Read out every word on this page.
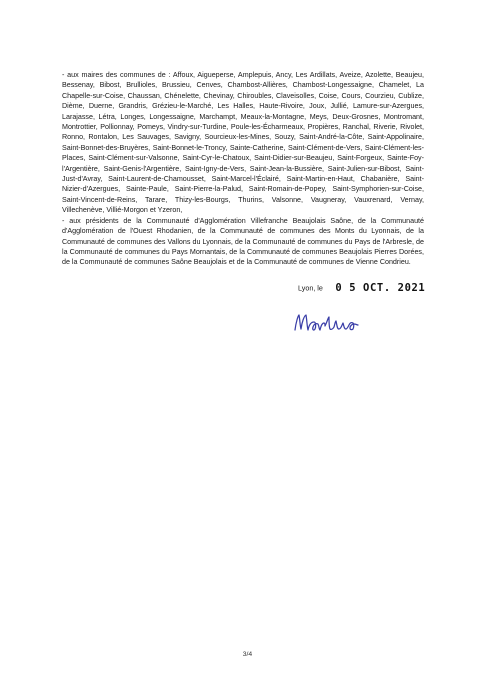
- aux maires des communes de : Affoux, Aigueperse, Amplepuis, Ancy, Les Ardillats, Aveize, Azolette, Beaujeu, Bessenay, Bibost, Brullioles, Brussieu, Cenves, Chambost-Allières, Chambost-Longessaigne, Chamelet, La Chapelle-sur-Coise, Chaussan, Chénelette, Chevinay, Chiroubles, Claveisolles, Coise, Cours, Courzieu, Cublize, Dième, Duerne, Grandris, Grézieu-le-Marché, Les Halles, Haute-Rivoire, Joux, Jullié, Lamure-sur-Azergues, Larajasse, Létra, Longes, Longessaigne, Marchampt, Meaux-la-Montagne, Meys, Deux-Grosnes, Montromant, Montrottier, Pollionnay, Pomeys, Vindry-sur-Turdine, Poule-les-Écharmeaux, Propières, Ranchal, Riverie, Rivolet, Ronno, Rontalon, Les Sauvages, Savigny, Sourcieux-les-Mines, Souzy, Saint-André-la-Côte, Saint-Appolinaire, Saint-Bonnet-des-Bruyères, Saint-Bonnet-le-Troncy, Sainte-Catherine, Saint-Clément-de-Vers, Saint-Clément-les-Places, Saint-Clément-sur-Valsonne, Saint-Cyr-le-Chatoux, Saint-Didier-sur-Beaujeu, Saint-Forgeux, Sainte-Foy-l'Argentière, Saint-Genis-l'Argentière, Saint-Igny-de-Vers, Saint-Jean-la-Bussière, Saint-Julien-sur-Bibost, Saint-Just-d'Avray, Saint-Laurent-de-Chamousset, Saint-Marcel-l'Éclairé, Saint-Martin-en-Haut, Chabanière, Saint-Nizier-d'Azergues, Sainte-Paule, Saint-Pierre-la-Palud, Saint-Romain-de-Popey, Saint-Symphorien-sur-Coise, Saint-Vincent-de-Reins, Tarare, Thizy-les-Bourgs, Thurins, Valsonne, Vaugneray, Vauxrenard, Vernay, Villechenève, Villié-Morgon et Yzeron,

- aux présidents de la Communauté d'Agglomération Villefranche Beaujolais Saône, de la Communauté d'Agglomération de l'Ouest Rhodanien, de la Communauté de communes des Monts du Lyonnais, de la Communauté de communes des Vallons du Lyonnais, de la Communauté de communes du Pays de l'Arbresle, de la Communauté de communes du Pays Mornantais, de la Communauté de communes Beaujolais Pierres Dorées, de la Communauté de communes Saône Beaujolais et de la Communauté de communes de Vienne Condrieu.

Lyon, le 0 5 OCT. 2021
3/4
